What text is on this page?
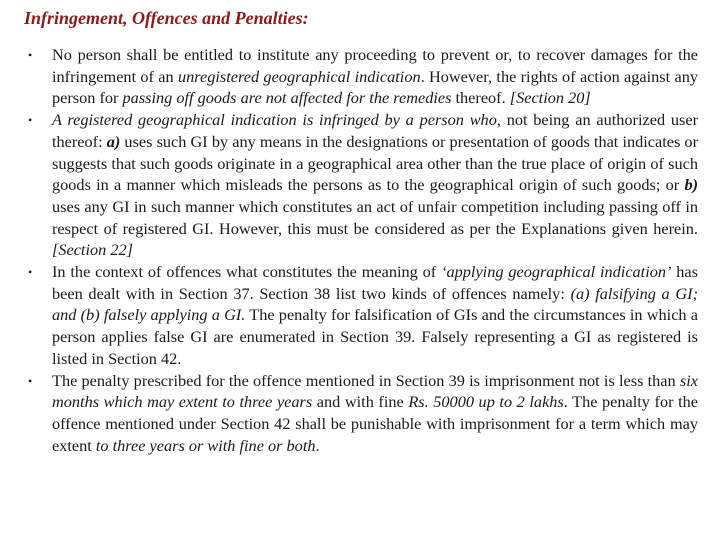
Infringement, Offences and Penalties:
•	No person shall be entitled to institute any proceeding to prevent or, to recover damages for the infringement of an unregistered geographical indication. However, the rights of action against any person for passing off goods are not affected for the remedies thereof. [Section 20]

•	A registered geographical indication is infringed by a person who, not being an authorized user thereof: a) uses such GI by any means in the designations or presentation of goods that indicates or suggests that such goods originate in a geographical area other than the true place of origin of such goods in a manner which misleads the persons as to the geographical origin of such goods; or b) uses any GI in such manner which constitutes an act of unfair competition including passing off in respect of registered GI. However, this must be considered as per the Explanations given herein.[Section 22]

•	In the context of offences what constitutes the meaning of ‘applying geographical indication’ has been dealt with in Section 37. Section 38 list two kinds of offences namely: (a) falsifying a GI; and (b) falsely applying a GI. The penalty for falsification of GIs and the circumstances in which a person applies false GI are enumerated in Section 39. Falsely representing a GI as registered is listed in Section 42.

•	The penalty prescribed for the offence mentioned in Section 39 is imprisonment not is less than six months which may extent to three years and with fine Rs. 50000 up to 2 lakhs. The penalty for the offence mentioned under Section 42 shall be punishable with imprisonment for a term which may extent to three years or with fine or both.
